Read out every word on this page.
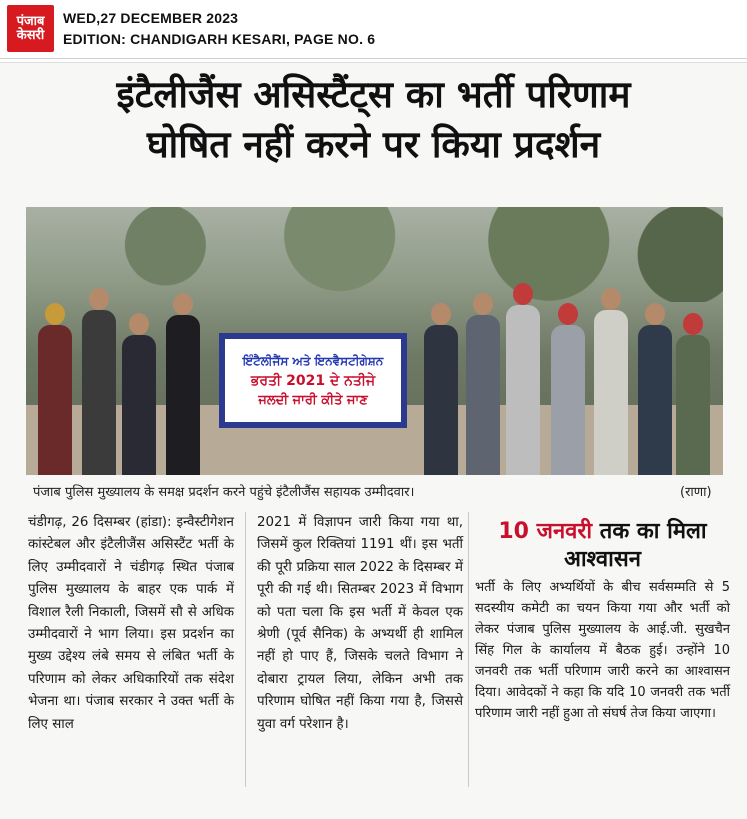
पंजाब
केसरी
WED,27 DECEMBER 2023
EDITION: CHANDIGARH KESARI, PAGE NO. 6
इंटैलीजैंस असिस्टैंट्स का भर्ती परिणाम
घोषित नहीं करने पर किया प्रदर्शन
ਇੰਟੈਲੀਜੈਂਸ ਅਤੇ ਇਨਵੈਸਟੀਗੇਸ਼ਨ
ਭਰਤੀ 2021 ਦੇ ਨਤੀਜੇ
ਜਲਦੀ ਜਾਰੀ ਕੀਤੇ ਜਾਣ
पंजाब पुलिस मुख्यालय के समक्ष प्रदर्शन करने पहुंचे इंटैलीजैंस सहायक उम्मीदवार।	(राणा)
चंडीगढ़, 26 दिसम्बर (हांडा): इन्वैस्टीगेशन कांस्टेबल और इंटैलीजैंस असिस्टैंट भर्ती के लिए उम्मीदवारों ने चंडीगढ़ स्थित पंजाब पुलिस मुख्यालय के बाहर एक पार्क में विशाल रैली निकाली, जिसमें सौ से अधिक उम्मीदवारों ने भाग लिया। इस प्रदर्शन का मुख्य उद्देश्य लंबे समय से लंबित भर्ती के परिणाम को लेकर अधिकारियों तक संदेश भेजना था। पंजाब सरकार ने उक्त भर्ती के लिए साल
2021 में विज्ञापन जारी किया गया था, जिसमें कुल रिक्तियां 1191 थीं। इस भर्ती की पूरी प्रक्रिया साल 2022 के दिसम्बर में पूरी की गई थी। सितम्बर 2023 में विभाग को पता चला कि इस भर्ती में केवल एक श्रेणी (पूर्व सैनिक) के अभ्यर्थी ही शामिल नहीं हो पाए हैं, जिसके चलते विभाग ने दोबारा ट्रायल लिया, लेकिन अभी तक परिणाम घोषित नहीं किया गया है, जिससे युवा वर्ग परेशान है।
10 जनवरी तक का मिला आश्वासन
भर्ती के लिए अभ्यर्थियों के बीच सर्वसम्मति से 5 सदस्यीय कमेटी का चयन किया गया और भर्ती को लेकर पंजाब पुलिस मुख्यालय के आई.जी. सुखचैन सिंह गिल के कार्यालय में बैठक हुई। उन्होंने 10 जनवरी तक भर्ती परिणाम जारी करने का आश्वासन दिया। आवेदकों ने कहा कि यदि 10 जनवरी तक भर्ती परिणाम जारी नहीं हुआ तो संघर्ष तेज किया जाएगा।
